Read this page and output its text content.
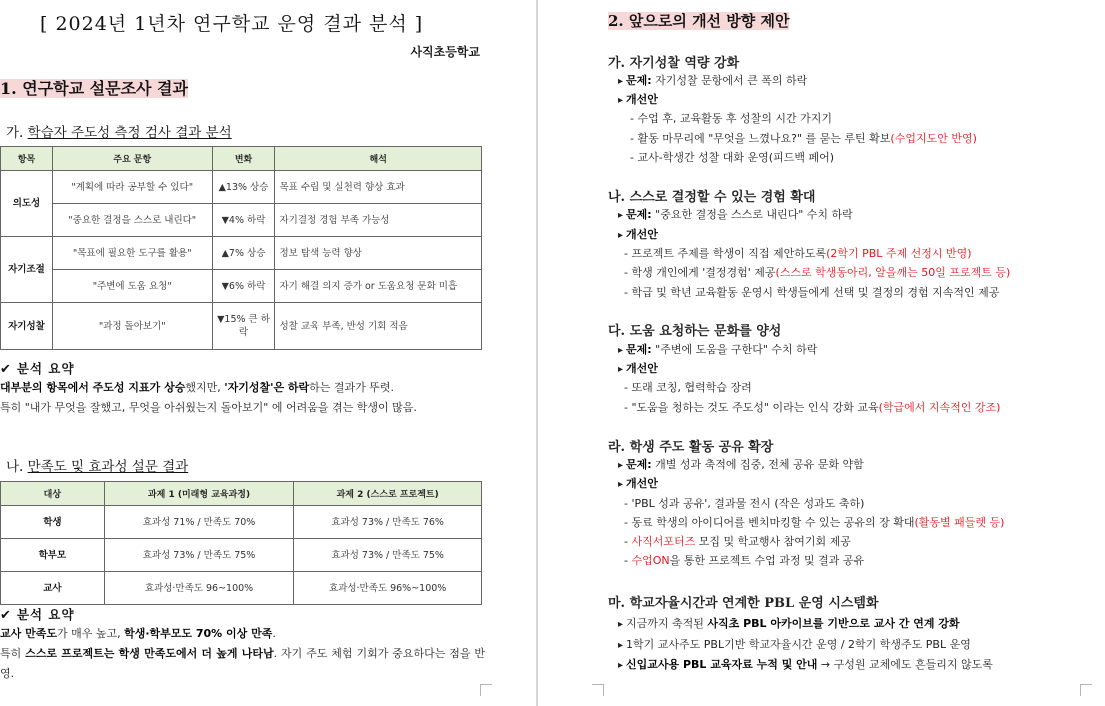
[ 2024년 1년차 연구학교 운영 결과 분석 ]
사직초등학교
1. 연구학교 설문조사 결과
가. 학습자 주도성 측정 검사 결과 분석
항목	주요 문항	변화	해석
의도성	"계획에 따라 공부할 수 있다"	▲13% 상승	목표 수립 및 실천력 향상 효과
	"중요한 결정을 스스로 내린다"	▼4% 하락	자기결정 경험 부족 가능성
자기조절	"목표에 필요한 도구를 활용"	▲7% 상승	정보 탐색 능력 향상
	"주변에 도움 요청"	▼6% 하락	자기 해결 의지 증가 or 도움요청 문화 미흡
자기성찰	"과정 돌아보기"	▼15% 큰 하락	성찰 교육 부족, 반성 기회 적음
✔ 분석 요약
대부분의 항목에서 주도성 지표가 상승했지만, '자기성찰'은 하락하는 결과가 뚜렷.
특히 "내가 무엇을 잘했고, 무엇을 아쉬웠는지 돌아보기" 에 어려움을 겪는 학생이 많음.
나. 만족도 및 효과성 설문 결과
대상	과제 1 (미래형 교육과정)	과제 2 (스스로 프로젝트)
학생	효과성 71% / 만족도 70%	효과성 73% / 만족도 76%
학부모	효과성 73% / 만족도 75%	효과성 73% / 만족도 75%
교사	효과성·만족도 96~100%	효과성·만족도 96%~100%
✔ 분석 요약
교사 만족도가 매우 높고, 학생·학부모도 70% 이상 만족.
특히 스스로 프로젝트는 학생 만족도에서 더 높게 나타남. 자기 주도 체험 기회가 중요하다는 점을 반영.
2. 앞으로의 개선 방향 제안
가. 자기성찰 역량 강화
▸ 문제: 자기성찰 문항에서 큰 폭의 하락
▸ 개선안
- 수업 후, 교육활동 후 성찰의 시간 가지기
- 활동 마무리에 "무엇을 느꼈나요?" 를 묻는 루틴 확보(수업지도안 반영)
- 교사-학생간 성찰 대화 운영(피드백 페어)
나. 스스로 결정할 수 있는 경험 확대
▸ 문제: "중요한 결정을 스스로 내린다" 수치 하락
▸ 개선안
- 프로젝트 주제를 학생이 직접 제안하도록(2학기 PBL 주제 선정시 반영)
- 학생 개인에게 '결정경험' 제공(스스로 학생동아리, 알을깨는 50일 프로젝트 등)
- 학급 및 학년 교육활동 운영시 학생들에게 선택 및 결정의 경험 지속적인 제공
다. 도움 요청하는 문화를 양성
▸ 문제: "주변에 도움을 구한다" 수치 하락
▸ 개선안
- 또래 코칭, 협력학습 장려
- "도움을 청하는 것도 주도성" 이라는 인식 강화 교육(학급에서 지속적인 강조)
라. 학생 주도 활동 공유 확장
▸ 문제: 개별 성과 축적에 집중, 전체 공유 문화 약함
▸ 개선안
- 'PBL 성과 공유', 결과물 전시 (작은 성과도 축하)
- 동료 학생의 아이디어를 벤치마킹할 수 있는 공유의 장 확대(활동별 패들렛 등)
- 사직서포터즈 모집 및 학교행사 참여기회 제공
- 수업ON을 통한 프로젝트 수업 과정 및 결과 공유
마. 학교자율시간과 연계한 PBL 운영 시스템화
▸ 지금까지 축적된 사직초 PBL 아카이브를 기반으로 교사 간 연계 강화
▸ 1학기 교사주도 PBL기반 학교자율시간 운영 / 2학기 학생주도 PBL 운영
▸ 신입교사용 PBL 교육자료 누적 및 안내 → 구성원 교체에도 흔들리지 않도록
